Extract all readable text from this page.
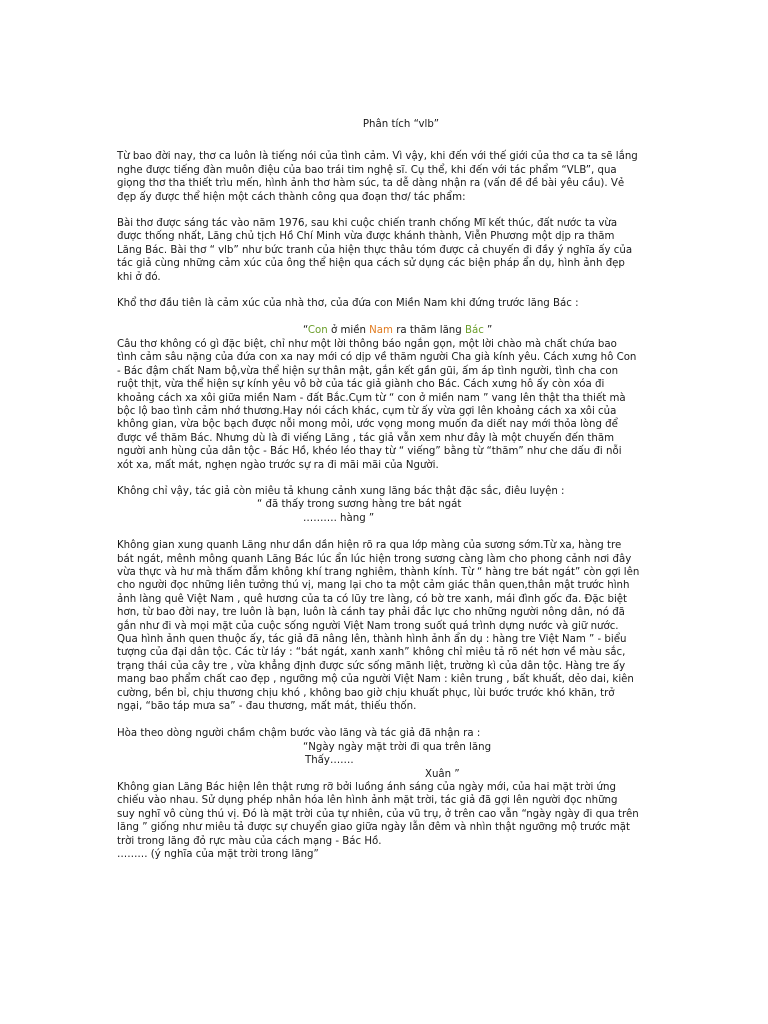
Phân tích “vlb”
Từ bao đời nay, thơ ca luôn là tiếng nói của tình cảm. Vì vậy, khi đến với thế giới của thơ ca ta sẽ lắng
nghe được tiếng đàn muôn điệu của bao trái tim nghệ sĩ. Cụ thể, khi đến với tác phẩm “VLB”, qua
giọng thơ tha thiết trìu mến, hình ảnh thơ hàm súc, ta dễ dàng nhận ra (vấn đề đề bài yêu cầu). Vẻ
đẹp ấy được thể hiện một cách thành công qua đoạn thơ/ tác phẩm:
Bài thơ được sáng tác vào năm 1976, sau khi cuộc chiến tranh chống Mĩ kết thúc, đất nước ta vừa
được thống nhất, Lăng chủ tịch Hồ Chí Minh vừa được khánh thành, Viễn Phương một dịp ra thăm
Lăng Bác. Bài thơ “ vlb” như bức tranh của hiện thực thâu tóm được cả chuyến đi đầy ý nghĩa ấy của
tác giả cùng những cảm xúc của ông thể hiện qua cách sử dụng các biện pháp ẩn dụ, hình ảnh đẹp
khi ở đó.
Khổ thơ đầu tiên là cảm xúc của nhà thơ, của đứa con Miền Nam khi đứng trước lăng Bác :
“Con ở miền Nam ra thăm lăng Bác ”
Câu thơ không có gì đặc biệt, chỉ như một lời thông báo ngắn gọn, một lời chào mà chất chứa bao
tình cảm sâu nặng của đứa con xa nay mới có dịp về thăm người Cha già kính yêu. Cách xưng hô Con
- Bác đậm chất Nam bộ,vừa thể hiện sự thân mật, gắn kết gần gũi, ấm áp tình người, tình cha con
ruột thịt, vừa thể hiện sự kính yêu vô bờ của tác giả giành cho Bác. Cách xưng hô ấy còn xóa đi
khoảng cách xa xôi giữa miền Nam - đất Bắc.Cụm từ “ con ở miền nam ” vang lên thật tha thiết mà
bộc lộ bao tình cảm nhớ thương.Hay nói cách khác, cụm từ ấy vừa gợi lên khoảng cách xa xôi của
không gian, vừa bộc bạch được nỗi mong mỏi, ước vọng mong muốn đa diết nay mới thỏa lòng để
được về thăm Bác. Nhưng dù là đi viếng Lăng , tác giả vẫn xem như đây là một chuyến đến thăm
người anh hùng của dân tộc - Bác Hồ, khéo léo thay từ “ viếng” bằng từ “thăm” như che dấu đi nỗi
xót xa, mất mát, nghẹn ngào trước sự ra đi mãi mãi của Người.
Không chỉ vậy, tác giả còn miêu tả khung cảnh xung lăng bác thật đặc sắc, điêu luyện :
“ đã thấy trong sương hàng tre bát ngát
………. hàng ”
Không gian xung quanh Lăng như dần dần hiện rõ ra qua lớp màng của sương sớm.Từ xa, hàng tre
bát ngát, mênh mông quanh Lăng Bác lúc ẩn lúc hiện trong sương càng làm cho phong cảnh nơi đây
vừa thực và hư mà thấm đẫm không khí trang nghiêm, thành kính. Từ “ hàng tre bát ngát” còn gợi lên
cho người đọc những liên tưởng thú vị, mang lại cho ta một cảm giác thân quen,thân mật trước hình
ảnh làng quê Việt Nam , quê hương của ta có lũy tre làng, có bờ tre xanh, mái đình gốc đa. Đặc biệt
hơn, từ bao đời nay, tre luôn là bạn, luôn là cánh tay phải đắc lực cho những người nông dân, nó đã
gắn như đi và mọi mặt của cuộc sống người Việt Nam trong suốt quá trình dựng nước và giữ nước.
Qua hình ảnh quen thuộc ấy, tác giả đã nâng lên, thành hình ảnh ẩn dụ : hàng tre Việt Nam ” - biểu
tượng của đại dân tộc. Các từ láy : “bát ngát, xanh xanh” không chỉ miêu tả rõ nét hơn về màu sắc,
trạng thái của cây tre , vừa khẳng định được sức sống mãnh liệt, trường kì của dân tộc. Hàng tre ấy
mang bao phẩm chất cao đẹp , ngưỡng mộ của người Việt Nam : kiên trung , bất khuất, dẻo dai, kiên
cường, bền bỉ, chịu thương chịu khó , không bao giờ chịu khuất phục, lùi bước trước khó khăn, trở
ngại, “bão táp mưa sa” - đau thương, mất mát, thiếu thốn.
Hòa theo dòng người chầm chậm bước vào lăng và tác giả đã nhận ra :
“Ngày ngày mặt trời đi qua trên lăng
Thấy…….
Xuân ”
Không gian Lăng Bác hiện lên thật rưng rỡ bởi luồng ánh sáng của ngày mới, của hai mặt trời ứng
chiếu vào nhau. Sử dụng phép nhân hóa lên hình ảnh mặt trời, tác giả đã gợi lên người đọc những
suy nghĩ vô cùng thú vị. Đó là mặt trời của tự nhiên, của vũ trụ, ở trên cao vẫn “ngày ngày đi qua trên
lăng ” giống như miêu tả được sự chuyển giao giữa ngày lẫn đêm và nhìn thật ngưỡng mộ trước mặt
trời trong lăng đỏ rực màu của cách mạng - Bác Hồ.
……… (ý nghĩa của mặt trời trong lăng”
